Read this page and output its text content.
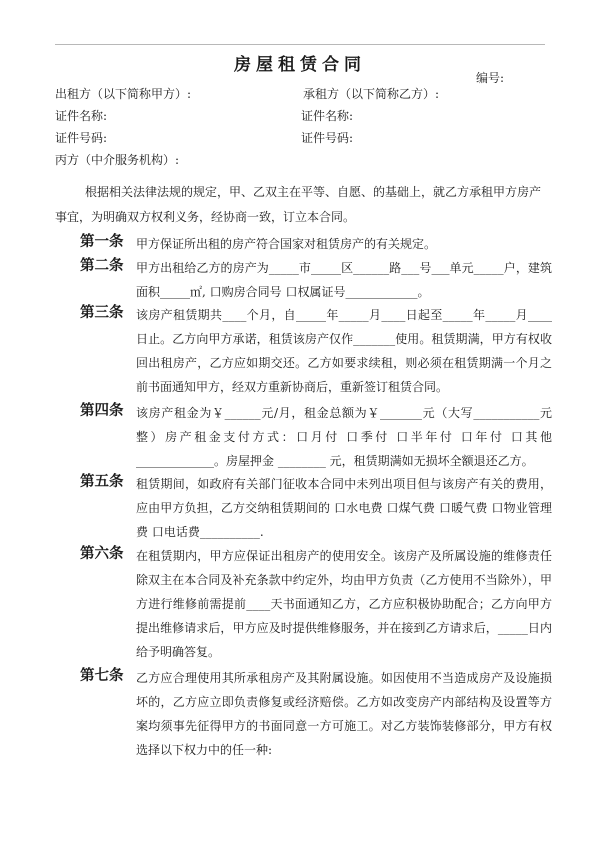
房屋租赁合同
编号:
出租方（以下简称甲方）:	承租方（以下简称乙方）:
证件名称:	证件名称:
证件号码:	证件号码:
丙方（中介服务机构）:
根据相关法律法规的规定，甲、乙双主在平等、自愿、的基础上，就乙方承租甲方房产
事宜，为明确双方权利义务，经协商一致，订立本合同。
第一条 甲方保证所出租的房产符合国家对租赁房产的有关规定。
第二条 甲方出租给乙方的房产为_____市_____区______路___号___单元_____户，建筑面积_____㎡, 口购房合同号 口权属证号____________。
第三条 该房产租赁期共____个月，自_____年_____月____日起至_____年_____月____日止。乙方向甲方承诺，租赁该房产仅作_______使用。租赁期满，甲方有权收回出租房产，乙方应如期交还。乙方如要求续租，则必须在租赁期满一个月之前书面通知甲方，经双方重新协商后，重新签订租赁合同。
第四条 该房产租金为￥______元/月，租金总额为￥_______元（大写___________元整）房产租金支付方式：口月付 口季付 口半年付 口年付 口其他_____________。房屋押金 ________ 元，租赁期满如无损坏全额退还乙方。
第五条 租赁期间，如政府有关部门征收本合同中未列出项目但与该房产有关的费用，应由甲方负担，乙方交纳租赁期间的 口水电费 口煤气费 口暖气费 口物业管理费 口电话费__________.
第六条 在租赁期内，甲方应保证出租房产的使用安全。该房产及所属设施的维修责任除双主在本合同及补充条款中约定外，均由甲方负责（乙方使用不当除外），甲方进行维修前需提前____天书面通知乙方，乙方应积极协助配合；乙方向甲方提出维修请求后，甲方应及时提供维修服务，并在接到乙方请求后，_____日内给予明确答复。
第七条 乙方应合理使用其所承租房产及其附属设施。如因使用不当造成房产及设施损坏的，乙方应立即负责修复或经济赔偿。乙方如改变房产内部结构及设置等方案均须事先征得甲方的书面同意一方可施工。对乙方装饰装修部分，甲方有权选择以下权力中的任一种:
